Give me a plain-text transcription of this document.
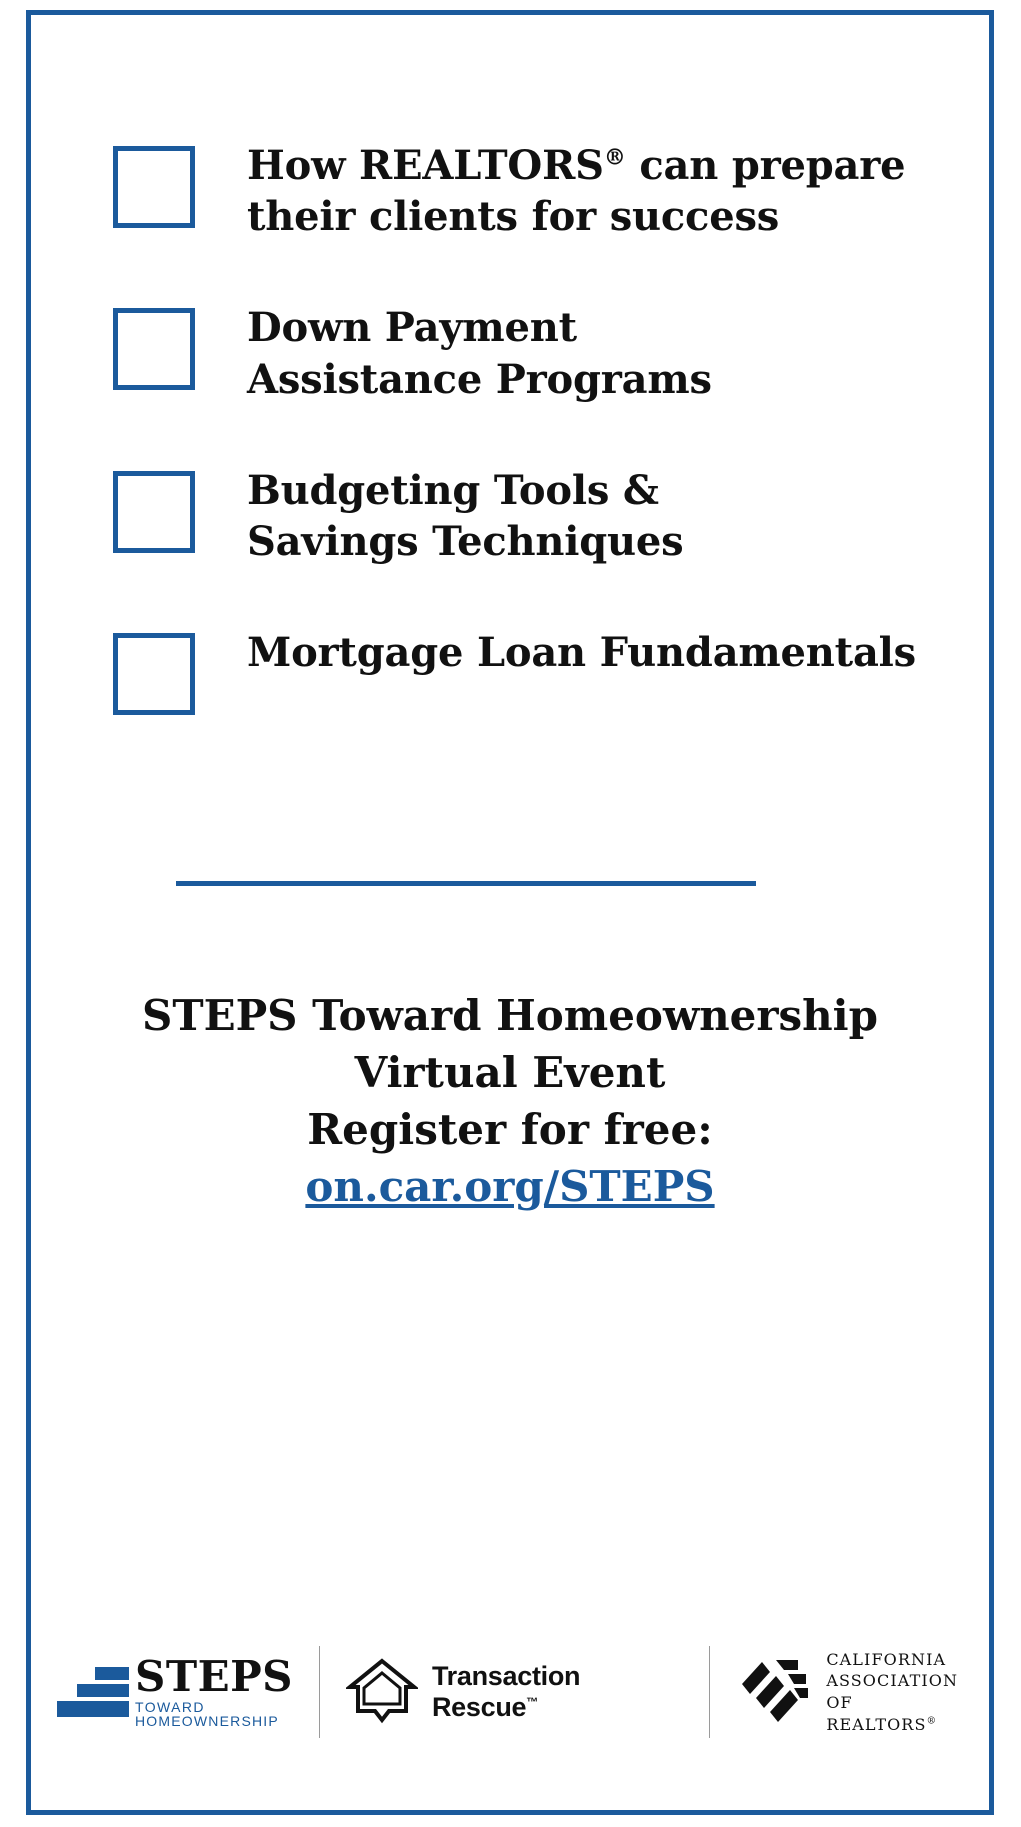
How REALTORS® can prepare
their clients for success
Down Payment
Assistance Programs
Budgeting Tools &
Savings Techniques
Mortgage Loan Fundamentals
STEPS Toward Homeownership
Virtual Event
Register for free:
on.car.org/STEPS
STEPS
TOWARD
HOMEOWNERSHIP
Transaction Rescue™
CALIFORNIA
ASSOCIATION
OF REALTORS®
